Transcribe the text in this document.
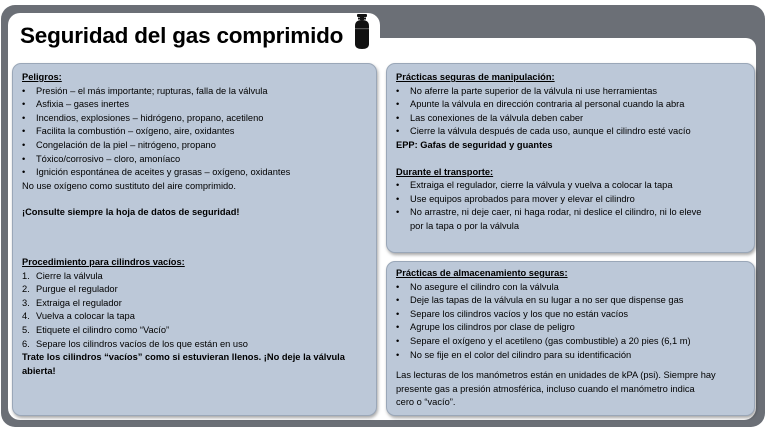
Seguridad del gas comprimido
Peligros:
• Presión – el más importante; rupturas, falla de la válvula
• Asfixia – gases inertes
• Incendios, explosiones – hidrógeno, propano, acetileno
• Facilita la combustión – oxígeno, aire, oxidantes
• Congelación de la piel – nitrógeno, propano
• Tóxico/corrosivo – cloro, amoníaco
• Ignición espontánea de aceites y grasas – oxígeno, oxidantes
No use oxígeno como sustituto del aire comprimido.
¡Consulte siempre la hoja de datos de seguridad!
Procedimiento para cilindros vacíos:
1. Cierre la válvula
2. Purgue el regulador
3. Extraiga el regulador
4. Vuelva a colocar la tapa
5. Etiquete el cilindro como “Vacío”
6. Separe los cilindros vacíos de los que están en uso
Trate los cilindros “vacíos” como si estuvieran llenos. ¡No deje la válvula
abierta!
Prácticas seguras de manipulación:
• No aferre la parte superior de la válvula ni use herramientas
• Apunte la válvula en dirección contraria al personal cuando la abra
• Las conexiones de la válvula deben caber
• Cierre la válvula después de cada uso, aunque el cilindro esté vacío
EPP: Gafas de seguridad y guantes
Durante el transporte:
• Extraiga el regulador, cierre la válvula y vuelva a colocar la tapa
• Use equipos aprobados para mover y elevar el cilindro
• No arrastre, ni deje caer, ni haga rodar, ni deslice el cilindro, ni lo eleve
por la tapa o por la válvula
Prácticas de almacenamiento seguras:
• No asegure el cilindro con la válvula
• Deje las tapas de la válvula en su lugar a no ser que dispense gas
• Separe los cilindros vacíos y los que no están vacíos
• Agrupe los cilindros por clase de peligro
• Separe el oxígeno y el acetileno (gas combustible) a 20 pies (6,1 m)
• No se fije en el color del cilindro para su identificación
Las lecturas de los manómetros están en unidades de kPA (psi). Siempre hay
presente gas a presión atmosférica, incluso cuando el manómetro indica
cero o “vacío”.
